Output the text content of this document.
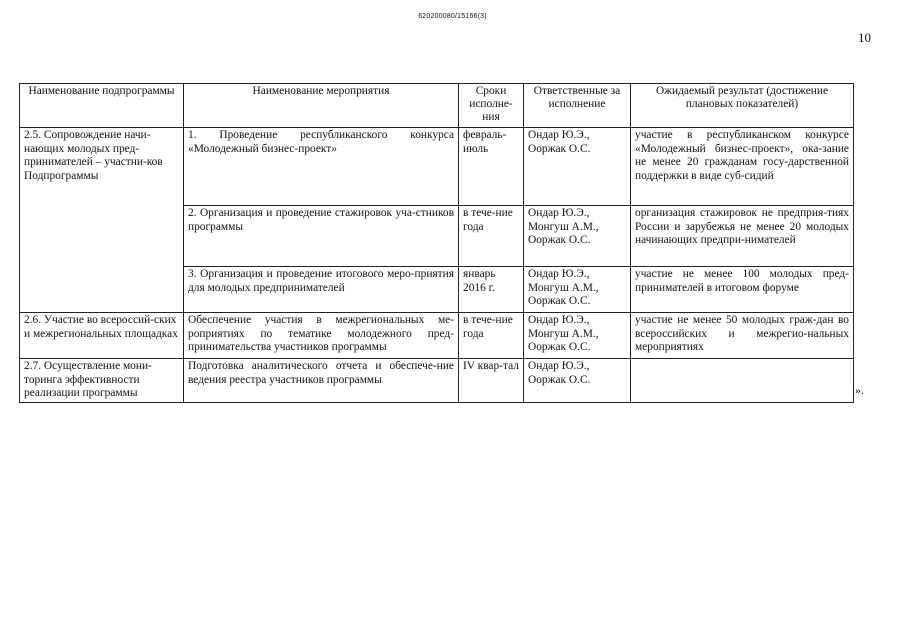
620200080/15166(3)
10
Наименование подпрограммы	Наименование мероприятия	Сроки исполне-ния	Ответственные за исполнение	Ожидаемый результат (достижение плановых показателей)
2.5. Сопровождение начи-нающих молодых пред-принимателей – участни-ков Подпрограммы	1. Проведение республиканского конкурса «Молодежный бизнес-проект»	февраль-июль	Ондар Ю.Э., Ооржак О.С.	участие в республиканском конкурсе «Молодежный бизнес-проект», ока-зание не менее 20 гражданам госу-дарственной поддержки в виде суб-сидий
	2. Организация и проведение стажировок уча-стников программы	в тече-ние года	Ондар Ю.Э., Монгуш А.М., Ооржак О.С.	организация стажировок не предприя-тиях России и зарубежья не менее 20 молодых начинающих предпри-нимателей
	3. Организация и проведение итогового меро-приятия для молодых предпринимателей	январь 2016 г.	Ондар Ю.Э., Монгуш А.М., Ооржак О.С.	участие не менее 100 молодых пред-принимателей в итоговом форуме
2.6. Участие во всероссий-ских и межрегиональных площадках	Обеспечение участия в межрегиональных ме-роприятиях по тематике молодежного пред-принимательства участников программы	в тече-ние года	Ондар Ю.Э., Монгуш А.М., Ооржак О.С.	участие не менее 50 молодых граж-дан во всероссийских и межрегио-нальных мероприятиях
2.7. Осуществление мони-торинга эффективности реализации программы	Подготовка аналитического отчета и обеспече-ние ведения реестра участников программы	IV квар-тал	Ондар Ю.Э., Ооржак О.С.	
».
